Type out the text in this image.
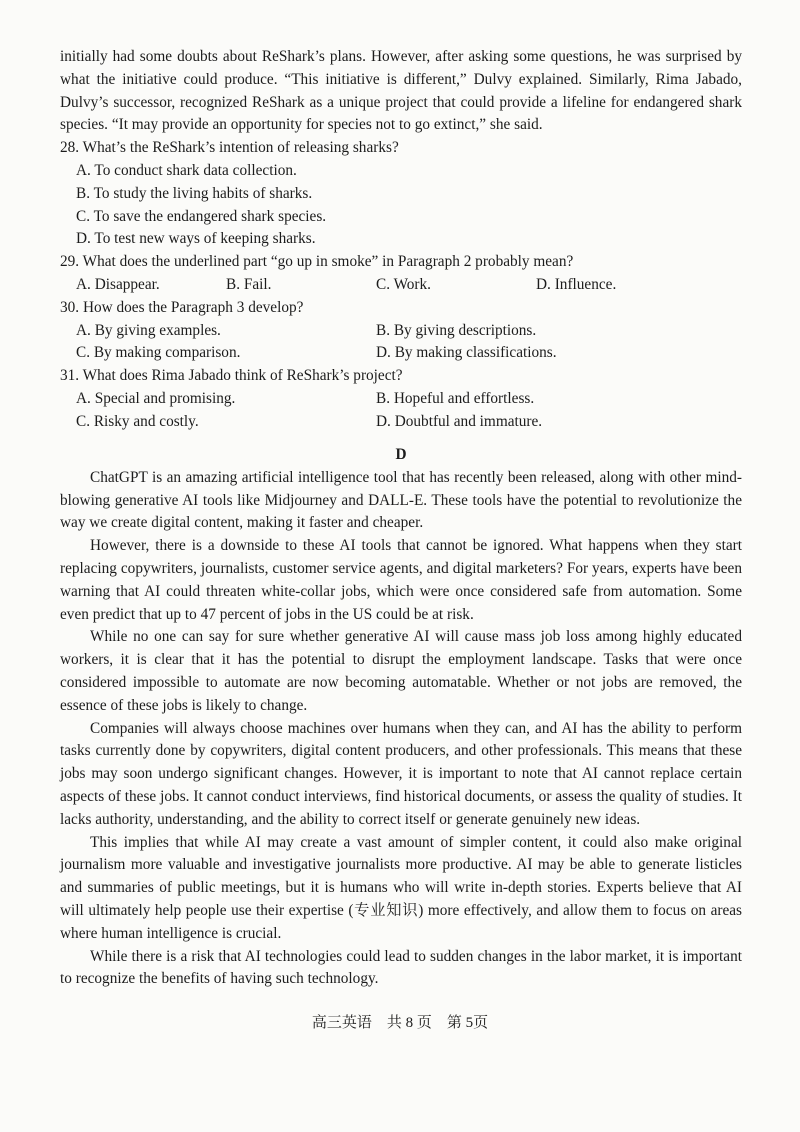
initially had some doubts about ReShark’s plans. However, after asking some questions, he was surprised by what the initiative could produce. “This initiative is different,” Dulvy explained. Similarly, Rima Jabado, Dulvy’s successor, recognized ReShark as a unique project that could provide a lifeline for endangered shark species. “It may provide an opportunity for species not to go extinct,” she said.

28. What’s the ReShark’s intention of releasing sharks?

A. To conduct shark data collection.
B. To study the living habits of sharks.
C. To save the endangered shark species.
D. To test new ways of keeping sharks.

29. What does the underlined part “go up in smoke” in Paragraph 2 probably mean?

A. Disappear.	B. Fail.	C. Work.	D. Influence.

30. How does the Paragraph 3 develop?

A. By giving examples.	B. By giving descriptions.
C. By making comparison.	D. By making classifications.

31. What does Rima Jabado think of ReShark’s project?

A. Special and promising.	B. Hopeful and effortless.
C. Risky and costly.	D. Doubtful and immature.
D

ChatGPT is an amazing artificial intelligence tool that has recently been released, along with other mind-blowing generative AI tools like Midjourney and DALL-E. These tools have the potential to revolutionize the way we create digital content, making it faster and cheaper.

However, there is a downside to these AI tools that cannot be ignored. What happens when they start replacing copywriters, journalists, customer service agents, and digital marketers? For years, experts have been warning that AI could threaten white-collar jobs, which were once considered safe from automation. Some even predict that up to 47 percent of jobs in the US could be at risk.

While no one can say for sure whether generative AI will cause mass job loss among highly educated workers, it is clear that it has the potential to disrupt the employment landscape. Tasks that were once considered impossible to automate are now becoming automatable. Whether or not jobs are removed, the essence of these jobs is likely to change.

Companies will always choose machines over humans when they can, and AI has the ability to perform tasks currently done by copywriters, digital content producers, and other professionals. This means that these jobs may soon undergo significant changes. However, it is important to note that AI cannot replace certain aspects of these jobs. It cannot conduct interviews, find historical documents, or assess the quality of studies. It lacks authority, understanding, and the ability to correct itself or generate genuinely new ideas.

This implies that while AI may create a vast amount of simpler content, it could also make original journalism more valuable and investigative journalists more productive. AI may be able to generate listicles and summaries of public meetings, but it is humans who will write in-depth stories. Experts believe that AI will ultimately help people use their expertise (专业知识) more effectively, and allow them to focus on areas where human intelligence is crucial.

While there is a risk that AI technologies could lead to sudden changes in the labor market, it is important to recognize the benefits of having such technology.

高三英语　共 8 页　第 5页
